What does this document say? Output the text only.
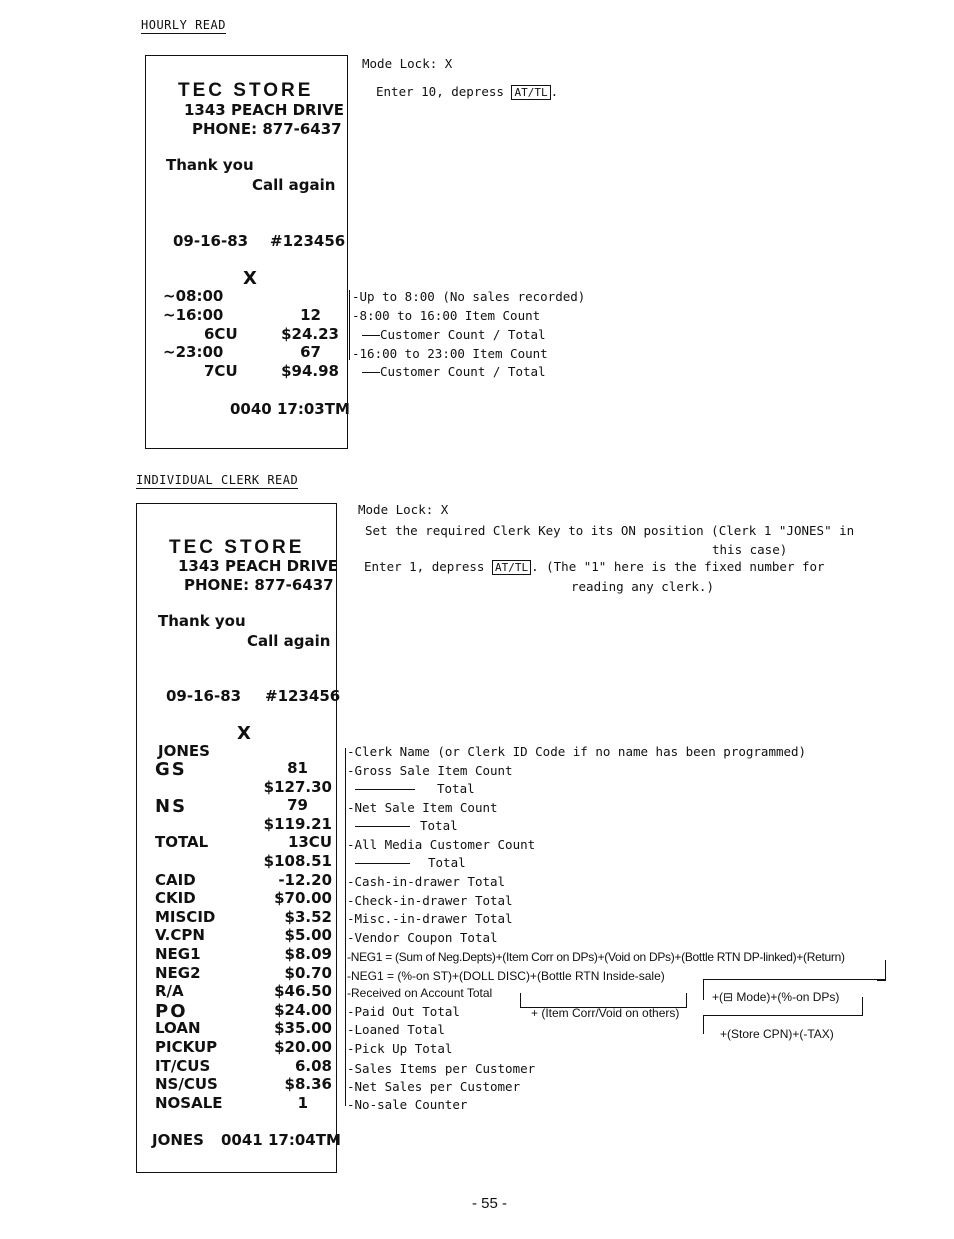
HOURLY READ
TEC STORE
1343 PEACH DRIVE
PHONE: 877-6437
Thank you
Call again
09-16-83 #123456
X
~08:00
~16:00	12
6CU	$24.23
~23:00	67
7CU	$94.98
0040 17:03TM
Mode Lock: X
Enter 10, depress AT/TL .
-Up to 8:00 (No sales recorded)
-8:00 to 16:00 Item Count
Customer Count / Total
-16:00 to 23:00 Item Count
Customer Count / Total
INDIVIDUAL CLERK READ
TEC STORE
1343 PEACH DRIVE
PHONE: 877-6437
Thank you
Call again
09-16-83 #123456
X
JONES
GS	81
$127.30
NS	79
$119.21
TOTAL	13CU
$108.51
CAID	-12.20
CKID	$70.00
MISCID	$3.52
V.CPN	$5.00
NEG1	$8.09
NEG2	$0.70
R/A	$46.50
PO	$24.00
LOAN	$35.00
PICKUP	$20.00
IT/CUS	6.08
NS/CUS	$8.36
NOSALE	1
JONES 0041 17:04TM
Mode Lock: X
Set the required Clerk Key to its ON position (Clerk 1 "JONES" in
this case)
Enter 1, depress AT/TL . (The "1" here is the fixed number for
reading any clerk.)
-Clerk Name (or Clerk ID Code if no name has been programmed)
-Gross Sale Item Count
Total
-Net Sale Item Count
Total
-All Media Customer Count
Total
-Cash-in-drawer Total
-Check-in-drawer Total
-Misc.-in-drawer Total
-Vendor Coupon Total
-NEG1 = (Sum of Neg.Depts)+(Item Corr on DPs)+(Void on DPs)+(Bottle RTN DP-linked)+(Return)
-NEG1 = (%-on ST)+(DOLL DISC)+(Bottle RTN Inside-sale)
-Received on Account Total
-Paid Out Total
-Loaned Total
-Pick Up Total
-Sales Items per Customer
-Net Sales per Customer
-No-sale Counter
+(⊟ Mode)+(%-on DPs)
+(Store CPN)+(-TAX)
+ (Item Corr/Void on others)
- 55 -
